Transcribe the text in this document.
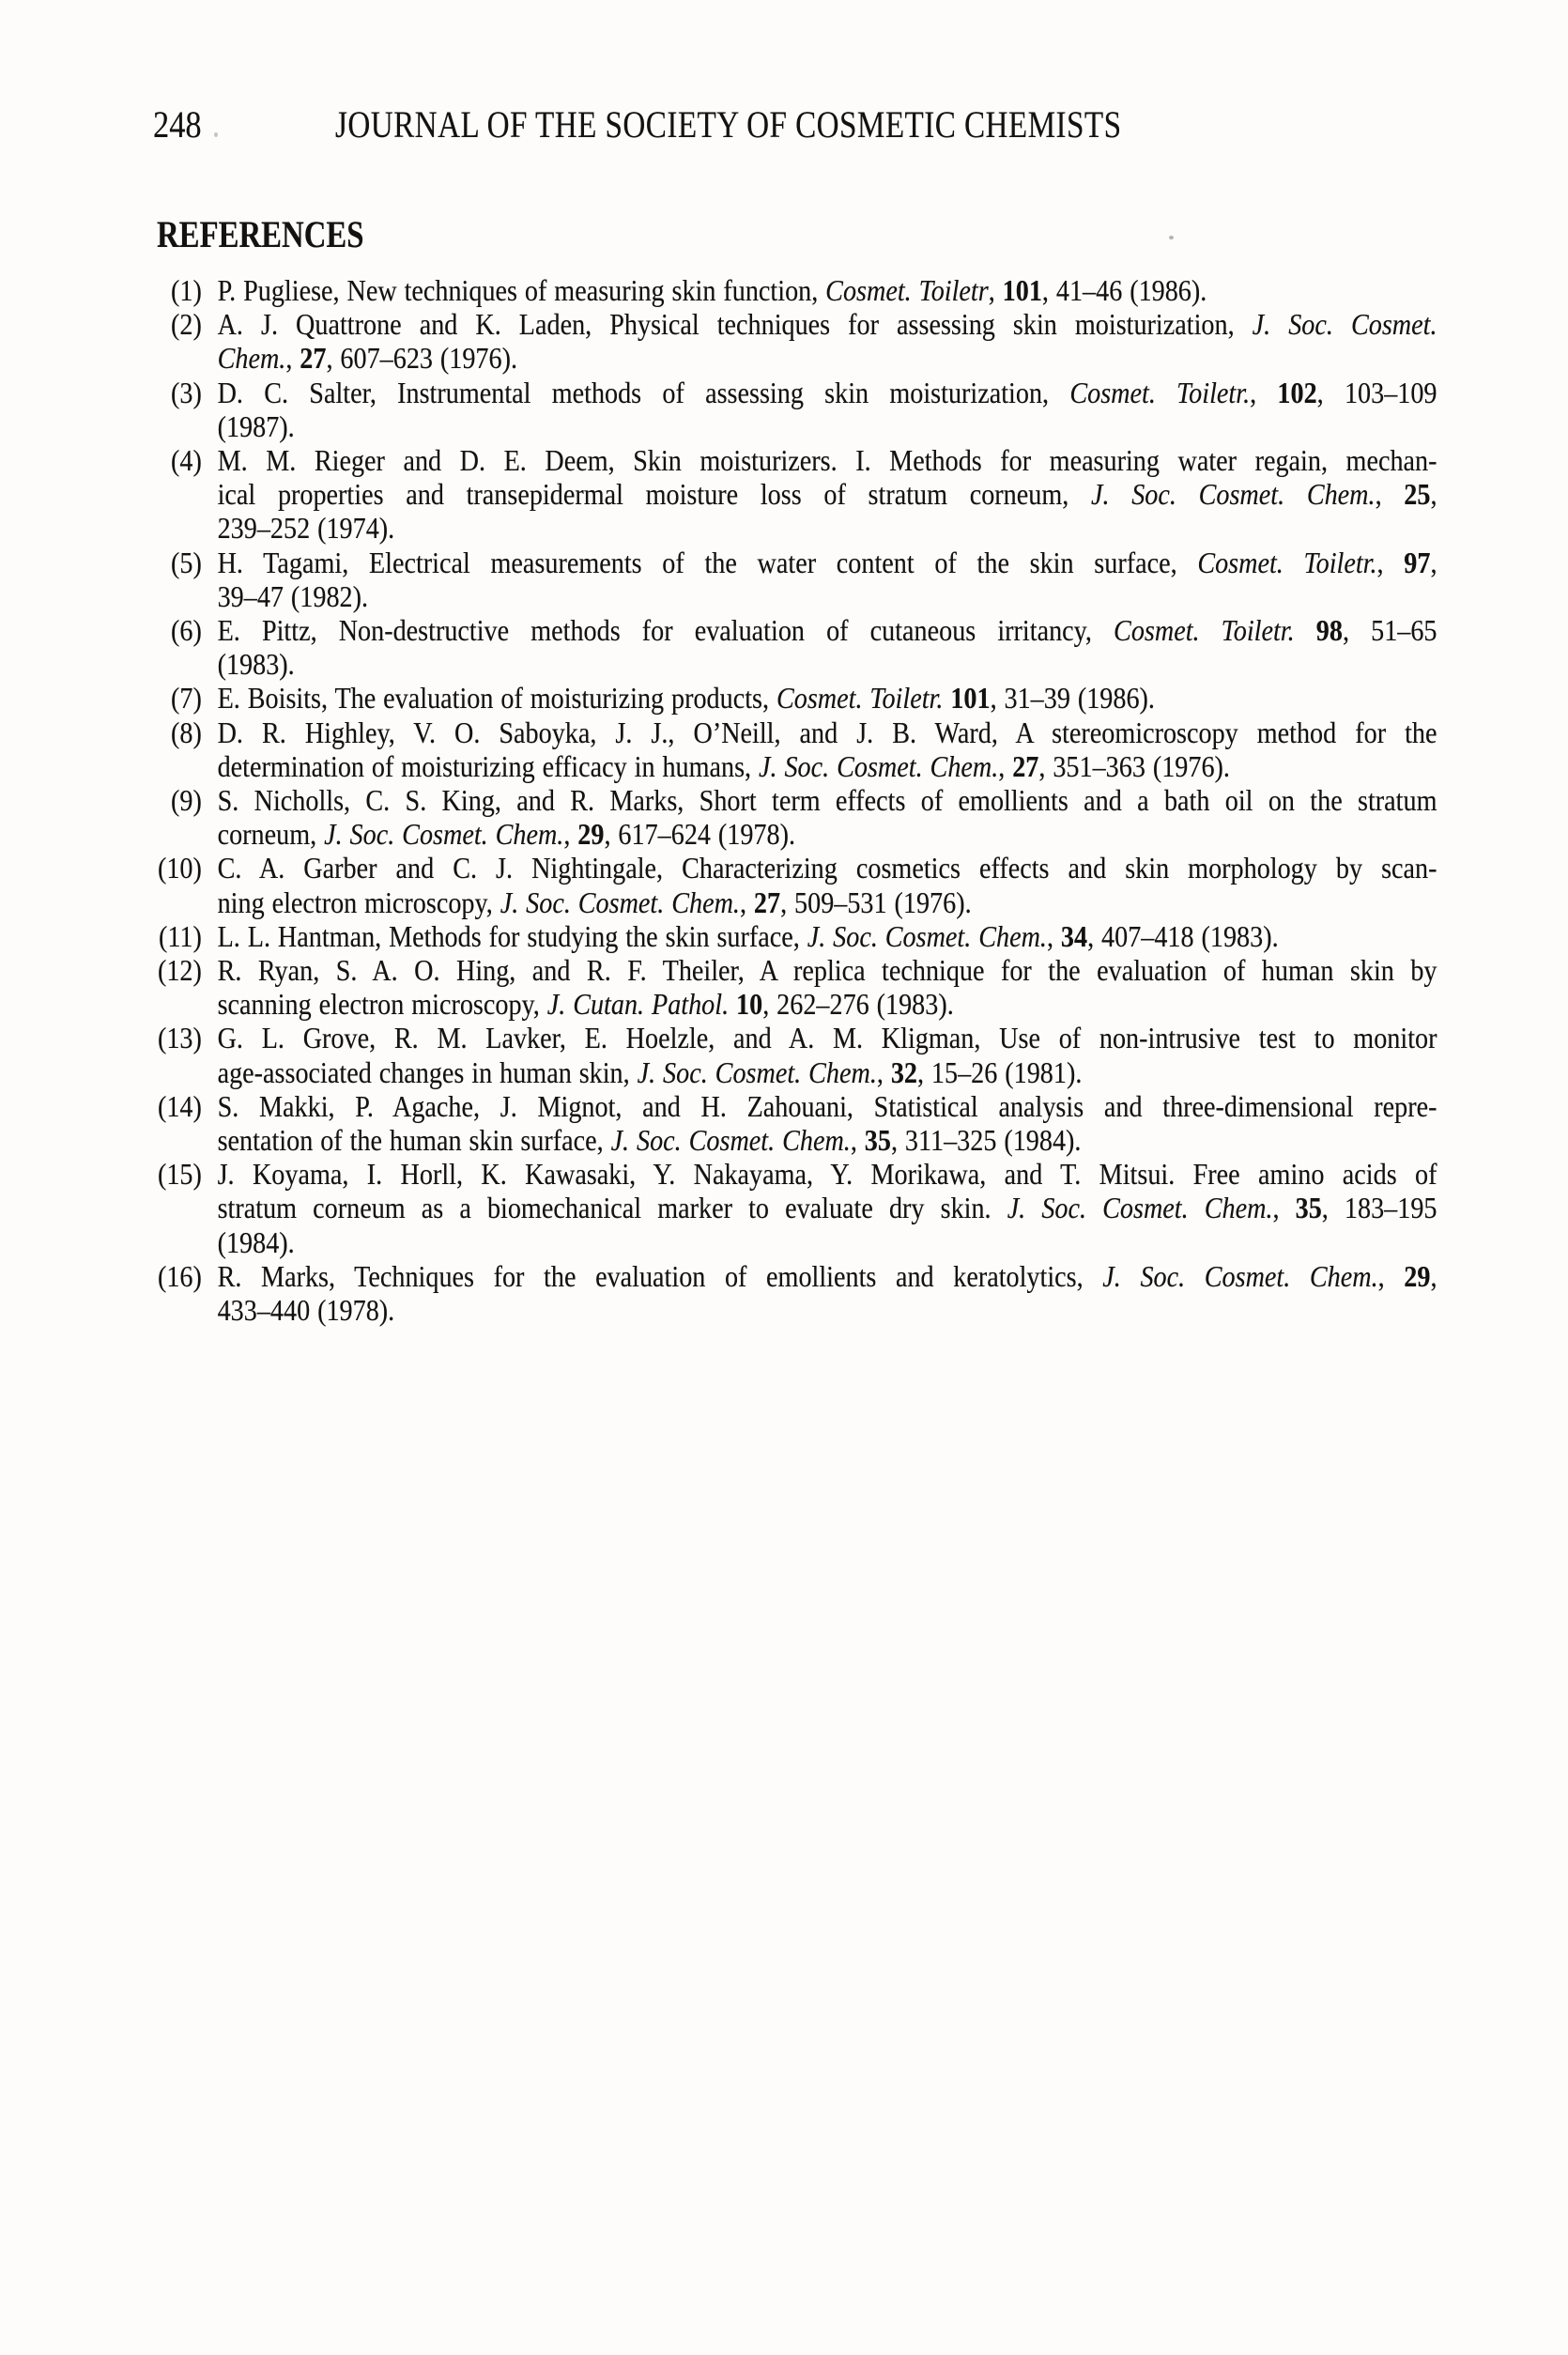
248	JOURNAL OF THE SOCIETY OF COSMETIC CHEMISTS
REFERENCES
(1) P. Pugliese, New techniques of measuring skin function, Cosmet. Toiletr, 101, 41–46 (1986).
(2) A. J. Quattrone and K. Laden, Physical techniques for assessing skin moisturization, J. Soc. Cosmet.
Chem., 27, 607–623 (1976).
(3) D. C. Salter, Instrumental methods of assessing skin moisturization, Cosmet. Toiletr., 102, 103–109
(1987).
(4) M. M. Rieger and D. E. Deem, Skin moisturizers. I. Methods for measuring water regain, mechan-
ical properties and transepidermal moisture loss of stratum corneum, J. Soc. Cosmet. Chem., 25,
239–252 (1974).
(5) H. Tagami, Electrical measurements of the water content of the skin surface, Cosmet. Toiletr., 97,
39–47 (1982).
(6) E. Pittz, Non-destructive methods for evaluation of cutaneous irritancy, Cosmet. Toiletr. 98, 51–65
(1983).
(7) E. Boisits, The evaluation of moisturizing products, Cosmet. Toiletr. 101, 31–39 (1986).
(8) D. R. Highley, V. O. Saboyka, J. J., O’Neill, and J. B. Ward, A stereomicroscopy method for the
determination of moisturizing efficacy in humans, J. Soc. Cosmet. Chem., 27, 351–363 (1976).
(9) S. Nicholls, C. S. King, and R. Marks, Short term effects of emollients and a bath oil on the stratum
corneum, J. Soc. Cosmet. Chem., 29, 617–624 (1978).
(10) C. A. Garber and C. J. Nightingale, Characterizing cosmetics effects and skin morphology by scan-
ning electron microscopy, J. Soc. Cosmet. Chem., 27, 509–531 (1976).
(11) L. L. Hantman, Methods for studying the skin surface, J. Soc. Cosmet. Chem., 34, 407–418 (1983).
(12) R. Ryan, S. A. O. Hing, and R. F. Theiler, A replica technique for the evaluation of human skin by
scanning electron microscopy, J. Cutan. Pathol. 10, 262–276 (1983).
(13) G. L. Grove, R. M. Lavker, E. Hoelzle, and A. M. Kligman, Use of non-intrusive test to monitor
age-associated changes in human skin, J. Soc. Cosmet. Chem., 32, 15–26 (1981).
(14) S. Makki, P. Agache, J. Mignot, and H. Zahouani, Statistical analysis and three-dimensional repre-
sentation of the human skin surface, J. Soc. Cosmet. Chem., 35, 311–325 (1984).
(15) J. Koyama, I. Horll, K. Kawasaki, Y. Nakayama, Y. Morikawa, and T. Mitsui. Free amino acids of
stratum corneum as a biomechanical marker to evaluate dry skin. J. Soc. Cosmet. Chem., 35, 183–195
(1984).
(16) R. Marks, Techniques for the evaluation of emollients and keratolytics, J. Soc. Cosmet. Chem., 29,
433–440 (1978).
